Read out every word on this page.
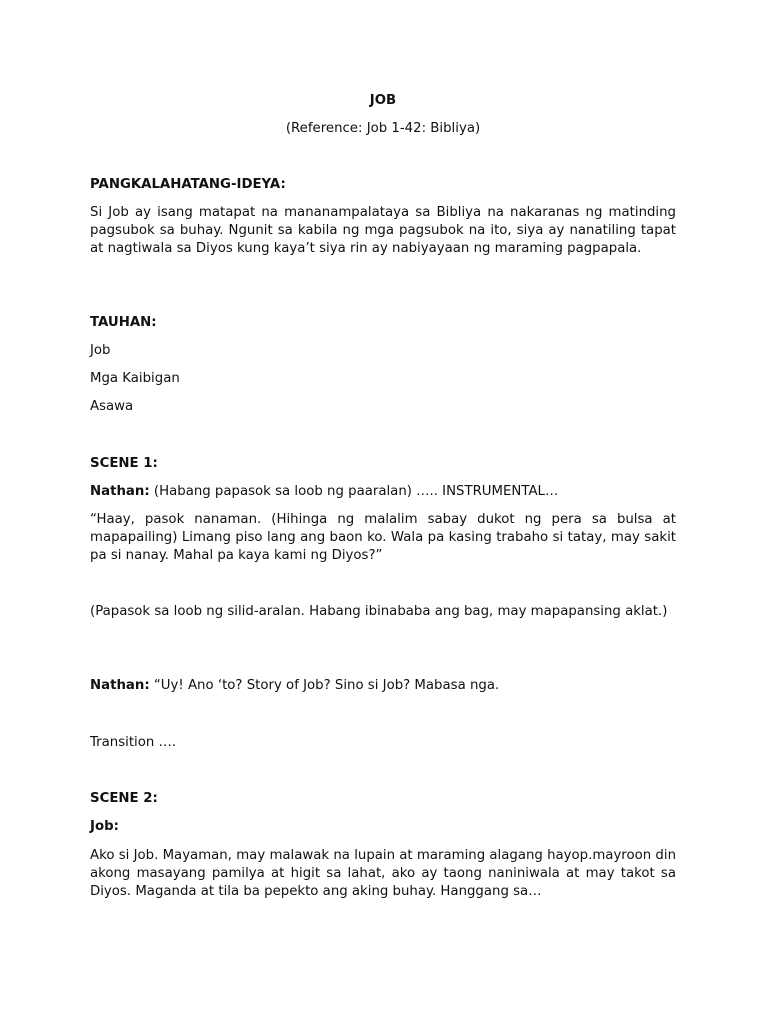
JOB

(Reference: Job 1-42: Bibliya)

PANGKALAHATANG-IDEYA:

Si Job ay isang matapat na mananampalataya sa Bibliya na nakaranas ng matinding pagsubok sa buhay. Ngunit sa kabila ng mga pagsubok na ito, siya ay nanatiling tapat at nagtiwala sa Diyos kung kaya’t siya rin ay nabiyayaan ng maraming pagpapala.

TAUHAN:

Job

Mga Kaibigan

Asawa

SCENE 1:

Nathan: (Habang papasok sa loob ng paaralan) ….. INSTRUMENTAL…

“Haay, pasok nanaman. (Hihinga ng malalim sabay dukot ng pera sa bulsa at mapapailing) Limang piso lang ang baon ko. Wala pa kasing trabaho si tatay, may sakit pa si nanay. Mahal pa kaya kami ng Diyos?”

(Papasok sa loob ng silid-aralan. Habang ibinababa ang bag, may mapapansing aklat.)

Nathan: “Uy! Ano ‘to? Story of Job? Sino si Job? Mabasa nga.

Transition ….

SCENE 2:

Job:

Ako si Job. Mayaman, may malawak na lupain at maraming alagang hayop.mayroon din akong masayang pamilya at higit sa lahat, ako ay taong naniniwala at may takot sa Diyos. Maganda at tila ba pepekto ang aking buhay. Hanggang sa…
